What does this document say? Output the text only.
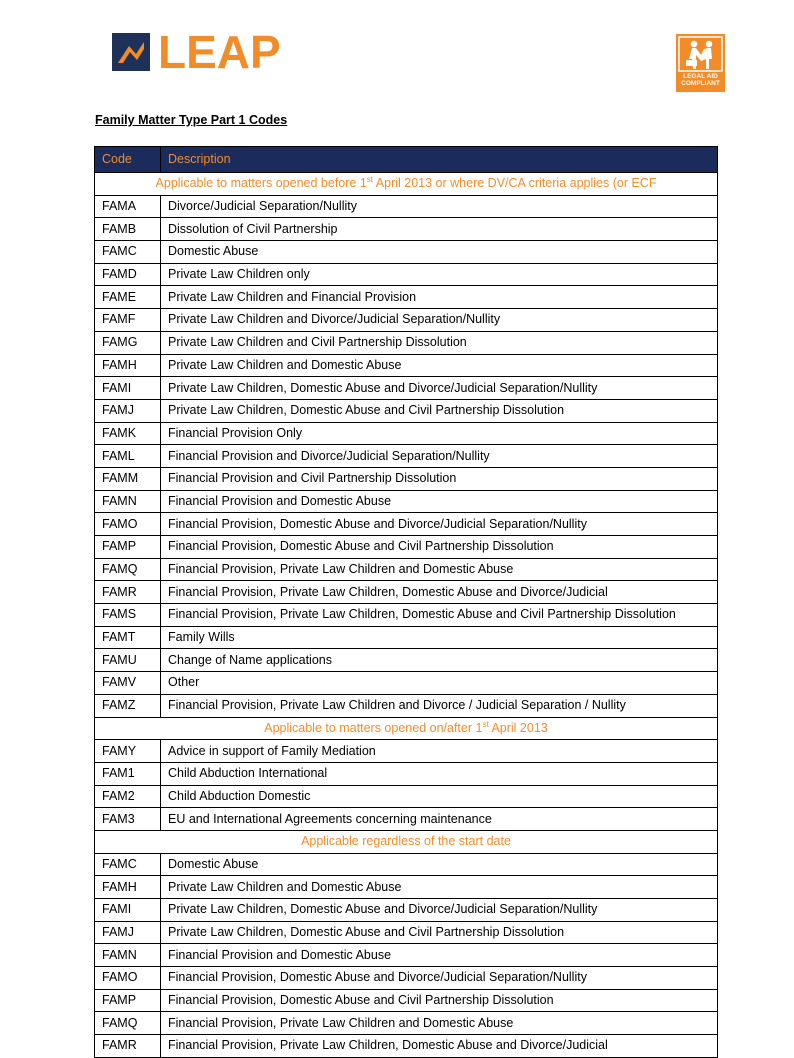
LEAP	LEGAL AID
COMPLIANT
Family Matter Type Part 1 Codes
Code	Description
Applicable to matters opened before 1st April 2013 or where DV/CA criteria applies (or ECF	
FAMA	Divorce/Judicial Separation/Nullity
FAMB	Dissolution of Civil Partnership
FAMC	Domestic Abuse
FAMD	Private Law Children only
FAME	Private Law Children and Financial Provision
FAMF	Private Law Children and Divorce/Judicial Separation/Nullity
FAMG	Private Law Children and Civil Partnership Dissolution
FAMH	Private Law Children and Domestic Abuse
FAMI	Private Law Children, Domestic Abuse and Divorce/Judicial Separation/Nullity
FAMJ	Private Law Children, Domestic Abuse and Civil Partnership Dissolution
FAMK	Financial Provision Only
FAML	Financial Provision and Divorce/Judicial Separation/Nullity
FAMM	Financial Provision and Civil Partnership Dissolution
FAMN	Financial Provision and Domestic Abuse
FAMO	Financial Provision, Domestic Abuse and Divorce/Judicial Separation/Nullity
FAMP	Financial Provision, Domestic Abuse and Civil Partnership Dissolution
FAMQ	Financial Provision, Private Law Children and Domestic Abuse
FAMR	Financial Provision, Private Law Children, Domestic Abuse and Divorce/Judicial
FAMS	Financial Provision, Private Law Children, Domestic Abuse and Civil Partnership Dissolution
FAMT	Family Wills
FAMU	Change of Name applications
FAMV	Other
FAMZ	Financial Provision, Private Law Children and Divorce / Judicial Separation / Nullity
Applicable to matters opened on/after 1st April 2013	
FAMY	Advice in support of Family Mediation
FAM1	Child Abduction International
FAM2	Child Abduction Domestic
FAM3	EU and International Agreements concerning maintenance
Applicable regardless of the start date	
FAMC	Domestic Abuse
FAMH	Private Law Children and Domestic Abuse
FAMI	Private Law Children, Domestic Abuse and Divorce/Judicial Separation/Nullity
FAMJ	Private Law Children, Domestic Abuse and Civil Partnership Dissolution
FAMN	Financial Provision and Domestic Abuse
FAMO	Financial Provision, Domestic Abuse and Divorce/Judicial Separation/Nullity
FAMP	Financial Provision, Domestic Abuse and Civil Partnership Dissolution
FAMQ	Financial Provision, Private Law Children and Domestic Abuse
FAMR	Financial Provision, Private Law Children, Domestic Abuse and Divorce/Judicial
